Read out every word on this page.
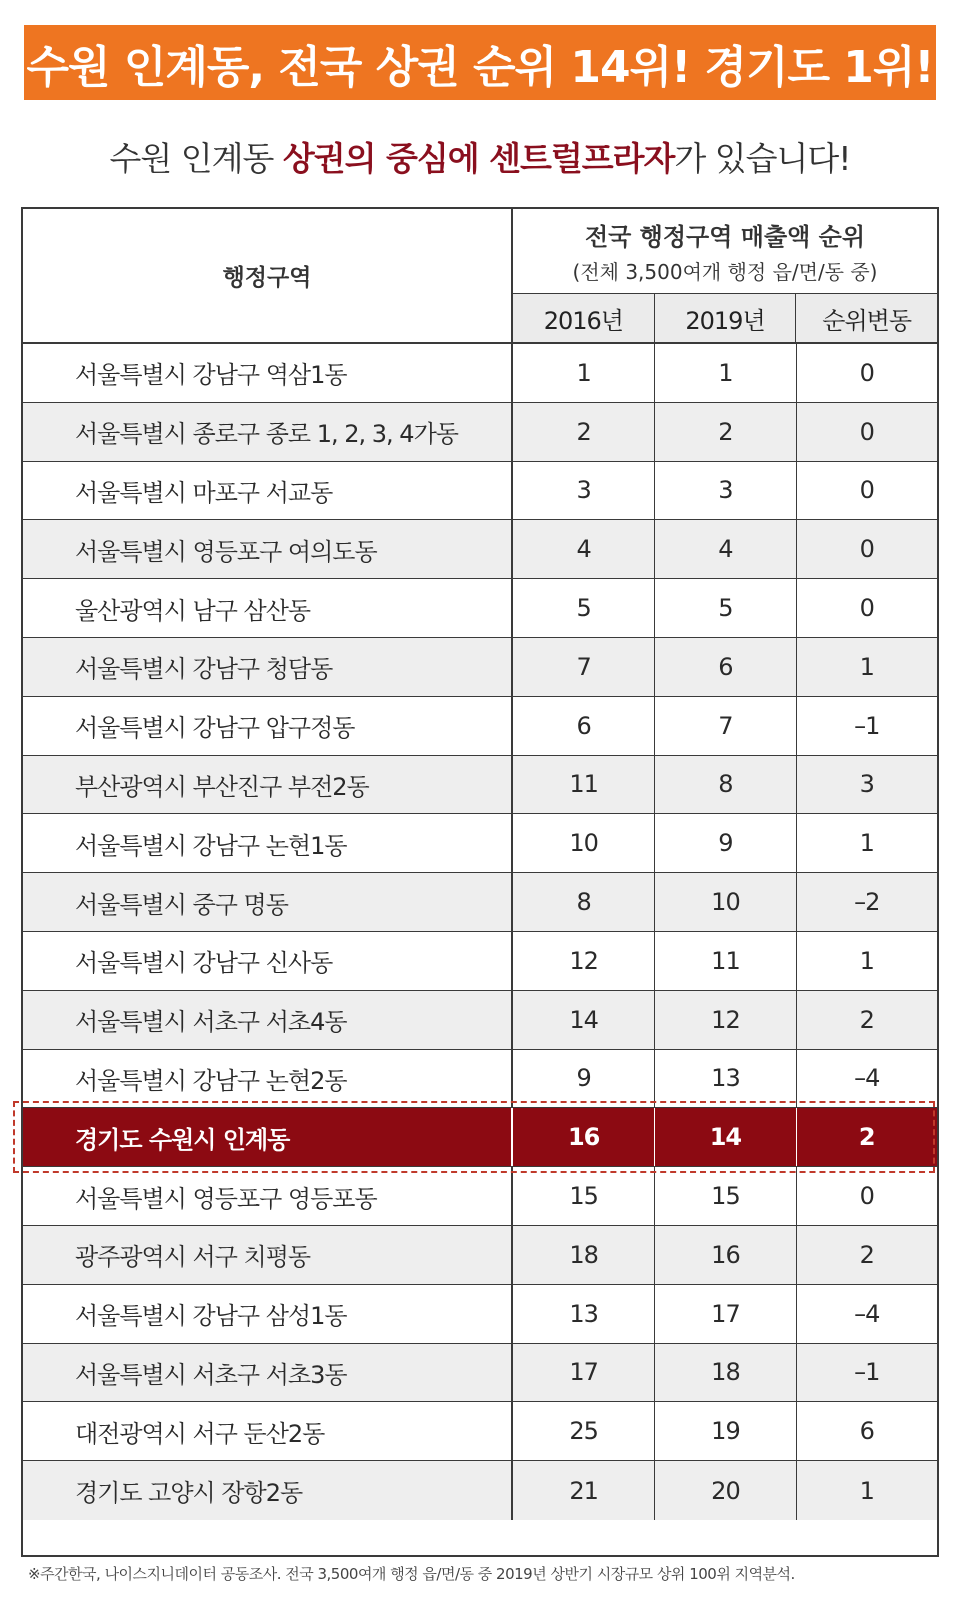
수원 인계동, 전국 상권 순위 14위! 경기도 1위!
수원 인계동 상권의 중심에 센트럴프라자 가 있습니다!
행정구역
전국 행정구역 매출액 순위
(전체 3,500여개 행정 읍/면/동 중)
2016년	2019년	순위변동
서울특별시 강남구 역삼1동	1	1	0
서울특별시 종로구 종로 1, 2, 3, 4가동	2	2	0
서울특별시 마포구 서교동	3	3	0
서울특별시 영등포구 여의도동	4	4	0
울산광역시 남구 삼산동	5	5	0
서울특별시 강남구 청담동	7	6	1
서울특별시 강남구 압구정동	6	7	–1
부산광역시 부산진구 부전2동	11	8	3
서울특별시 강남구 논현1동	10	9	1
서울특별시 중구 명동	8	10	–2
서울특별시 강남구 신사동	12	11	1
서울특별시 서초구 서초4동	14	12	2
서울특별시 강남구 논현2동	9	13	–4
경기도 수원시 인계동	16	14	2
서울특별시 영등포구 영등포동	15	15	0
광주광역시 서구 치평동	18	16	2
서울특별시 강남구 삼성1동	13	17	–4
서울특별시 서초구 서초3동	17	18	–1
대전광역시 서구 둔산2동	25	19	6
경기도 고양시 장항2동	21	20	1
※주간한국, 나이스지니데이터 공동조사. 전국 3,500여개 행정 읍/면/동 중 2019년 상반기 시장규모 상위 100위 지역분석.
